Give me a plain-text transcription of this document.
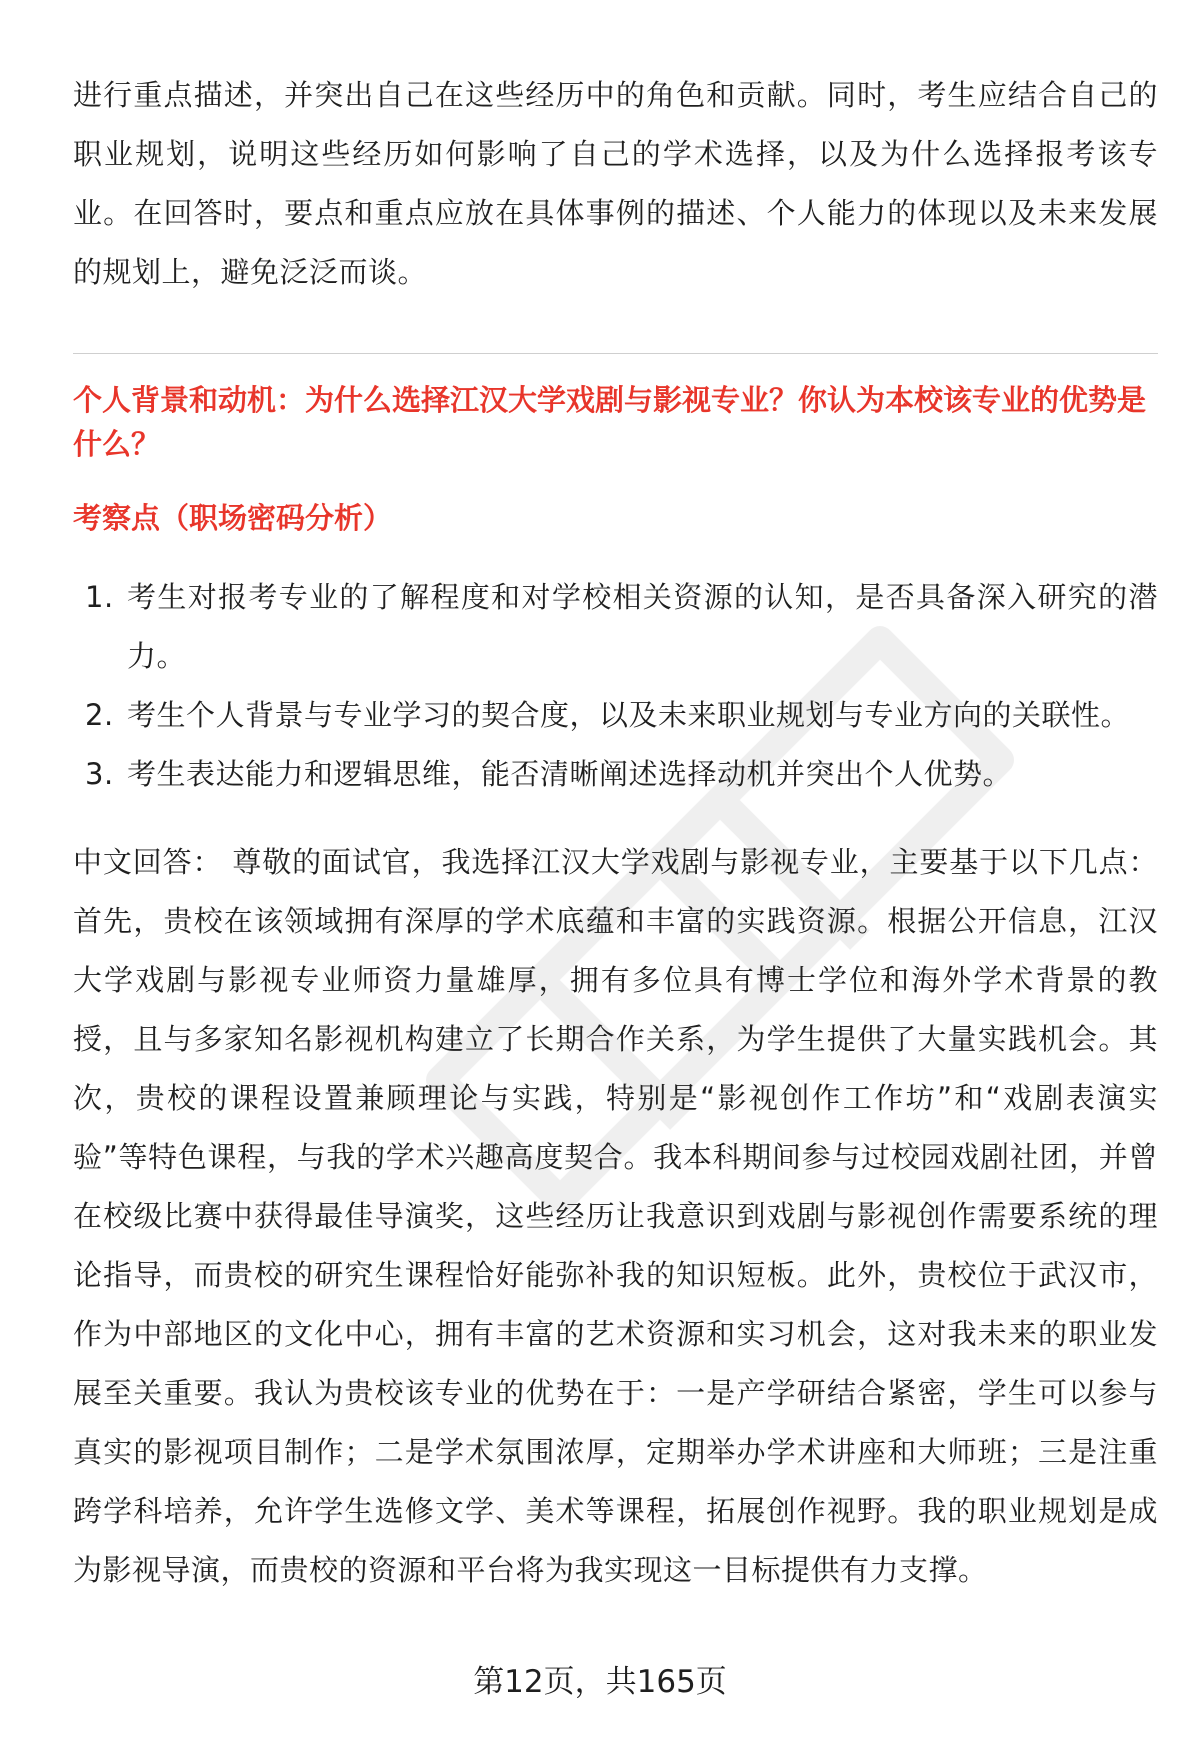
进行重点描述，并突出自己在这些经历中的角色和贡献。同时，考生应结合自己的职业规划，说明这些经历如何影响了自己的学术选择，以及为什么选择报考该专业。在回答时，要点和重点应放在具体事例的描述、个人能力的体现以及未来发展的规划上，避免泛泛而谈。

个人背景和动机：为什么选择江汉大学戏剧与影视专业？你认为本校该专业的优势是什么？

考察点（职场密码分析）

1. 考生对报考专业的了解程度和对学校相关资源的认知，是否具备深入研究的潜力。
2. 考生个人背景与专业学习的契合度，以及未来职业规划与专业方向的关联性。
3. 考生表达能力和逻辑思维，能否清晰阐述选择动机并突出个人优势。

中文回答： 尊敬的面试官，我选择江汉大学戏剧与影视专业，主要基于以下几点：首先，贵校在该领域拥有深厚的学术底蕴和丰富的实践资源。根据公开信息，江汉大学戏剧与影视专业师资力量雄厚，拥有多位具有博士学位和海外学术背景的教授，且与多家知名影视机构建立了长期合作关系，为学生提供了大量实践机会。其次，贵校的课程设置兼顾理论与实践，特别是“影视创作工作坊”和“戏剧表演实验”等特色课程，与我的学术兴趣高度契合。我本科期间参与过校园戏剧社团，并曾在校级比赛中获得最佳导演奖，这些经历让我意识到戏剧与影视创作需要系统的理论指导，而贵校的研究生课程恰好能弥补我的知识短板。此外，贵校位于武汉市，作为中部地区的文化中心，拥有丰富的艺术资源和实习机会，这对我未来的职业发展至关重要。我认为贵校该专业的优势在于：一是产学研结合紧密，学生可以参与真实的影视项目制作；二是学术氛围浓厚，定期举办学术讲座和大师班；三是注重跨学科培养，允许学生选修文学、美术等课程，拓展创作视野。我的职业规划是成为影视导演，而贵校的资源和平台将为我实现这一目标提供有力支撑。

第12页，共165页
